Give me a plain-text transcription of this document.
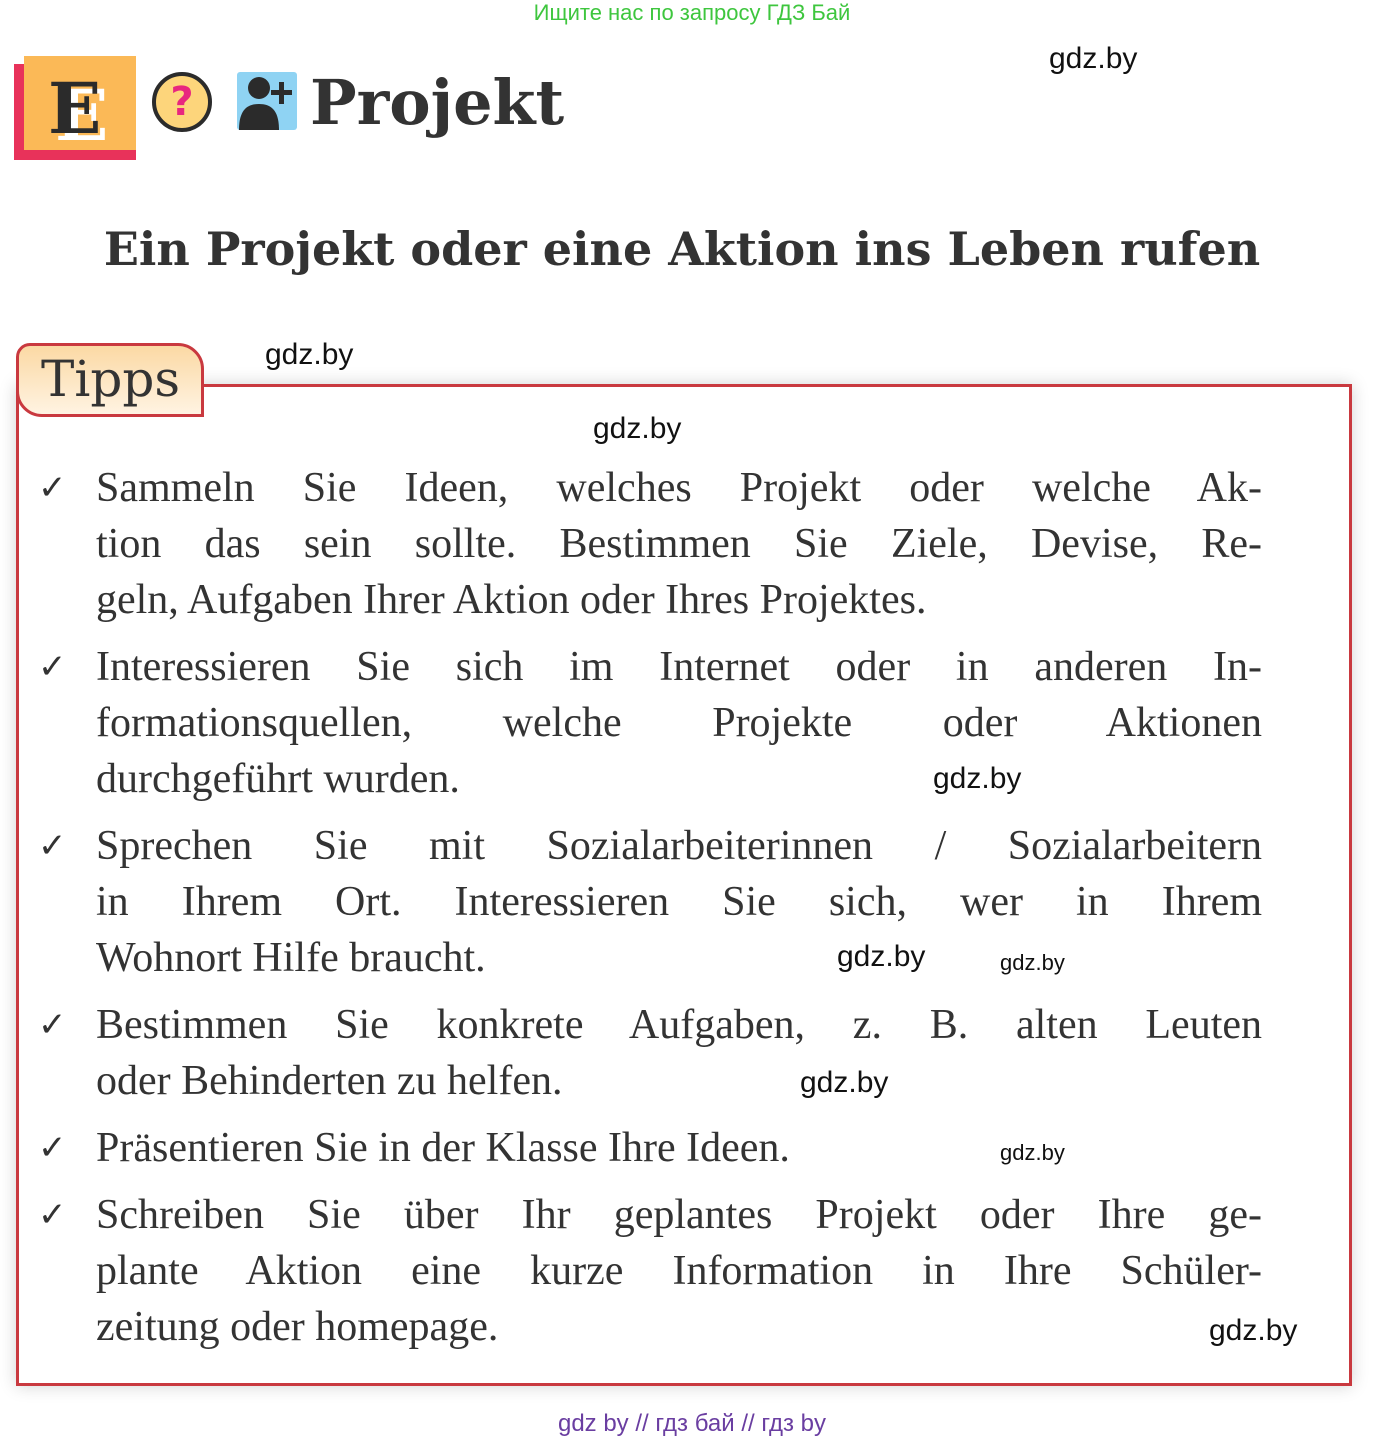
Ищите нас по запросу ГДЗ Бай
E	? Projekt
Ein Projekt oder eine Aktion ins Leben rufen
Tipps
✓ Sammeln Sie Ideen, welches Projekt oder welche Ak-
tion das sein sollte. Bestimmen Sie Ziele, Devise, Re-
geln, Aufgaben Ihrer Aktion oder Ihres Projektes.
✓ Interessieren Sie sich im Internet oder in anderen In-
formationsquellen, welche Projekte oder Aktionen
durchgeführt wurden.
✓ Sprechen Sie mit Sozialarbeiterinnen / Sozialarbeitern
in Ihrem Ort. Interessieren Sie sich, wer in Ihrem
Wohnort Hilfe braucht.
✓ Bestimmen Sie konkrete Aufgaben, z. B. alten Leuten
oder Behinderten zu helfen.
✓ Präsentieren Sie in der Klasse Ihre Ideen.
✓ Schreiben Sie über Ihr geplantes Projekt oder Ihre ge-
plante Aktion eine kurze Information in Ihre Schüler-
zeitung oder homepage.
gdz.by
gdz.by
gdz.by
gdz.by
gdz.by
gdz.by
gdz.by
gdz.by
gdz.by
gdz by // гдз бай // гдз by
